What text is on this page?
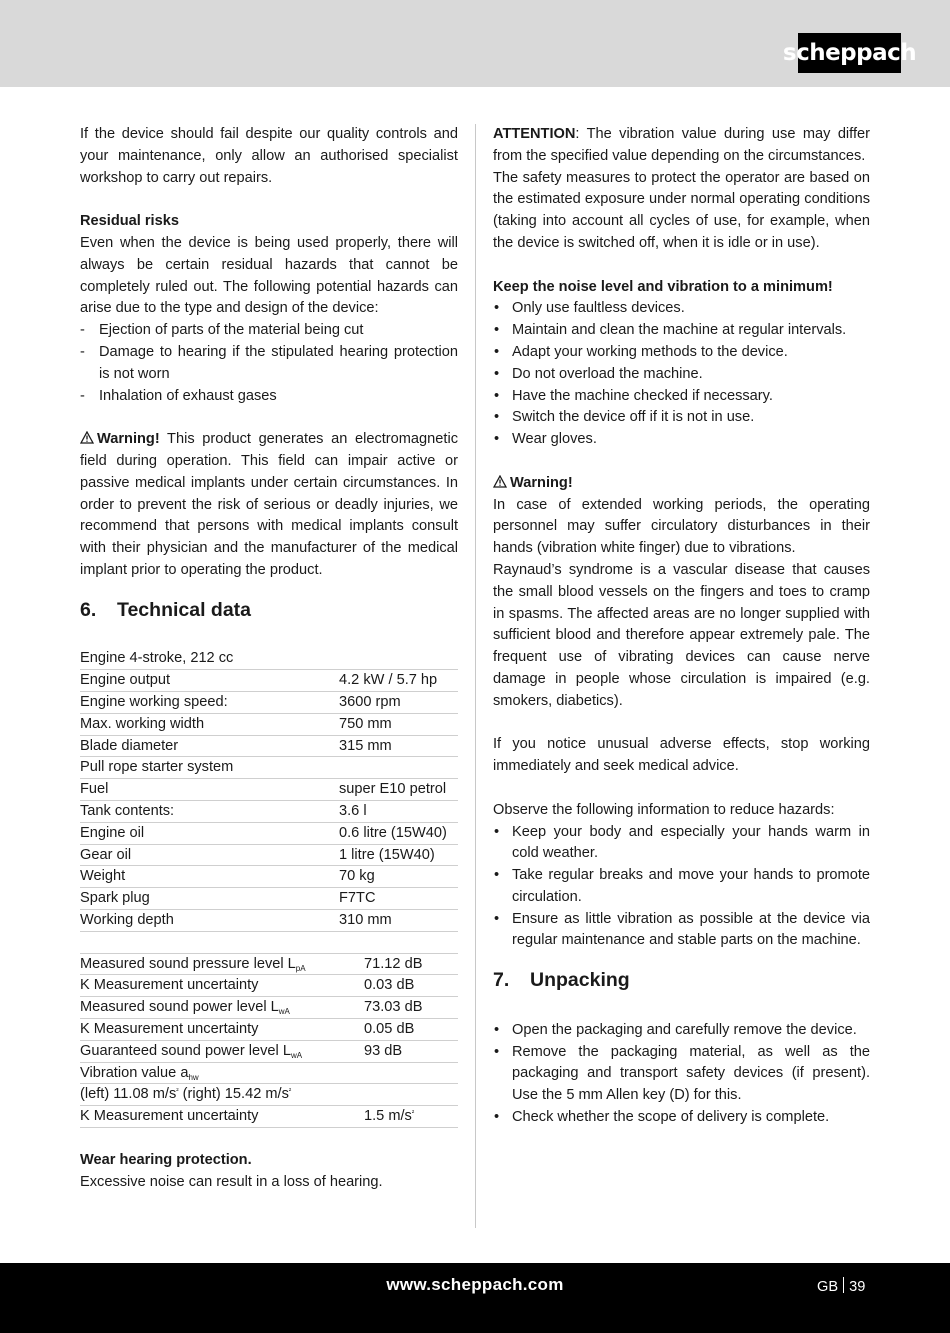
scheppach

If the device should fail despite our quality controls and your maintenance, only allow an authorised specialist workshop to carry out repairs.

Residual risks

Even when the device is being used properly, there will always be certain residual hazards that cannot be completely ruled out. The following potential hazards can arise due to the type and design of the device:

- Ejection of parts of the material being cut
- Damage to hearing if the stipulated hearing protection is not worn
- Inhalation of exhaust gases

Warning! This product generates an electromagnetic field during operation. This field can impair active or passive medical implants under certain circumstances. In order to prevent the risk of serious or deadly injuries, we recommend that persons with medical implants consult with their physician and the manufacturer of the medical implant prior to operating the product.

6. Technical data
Engine 4-stroke, 212 cc	
Engine output	4.2 kW / 5.7 hp
Engine working speed:	3600 rpm
Max. working width	750 mm
Blade diameter	315 mm
Pull rope starter system	
Fuel	super E10 petrol
Tank contents:	3.6 l
Engine oil	0.6 litre (15W40)
Gear oil	1 litre (15W40)
Weight	70 kg
Spark plug	F7TC
Working depth	310 mm
Measured sound pressure level $L_{pA}$	71.12 dB
K Measurement uncertainty	0.03 dB
Measured sound power level $L_{wA}$	73.03 dB
K Measurement uncertainty	0.05 dB
Guaranteed sound power level $L_{wA}$	93 dB
Vibration value $a_{hw}$	
(left) 11.08 $m/s^{^2}$ (right) 15.42 $m/s^{^2}$
K Measurement uncertainty	1.5 $m/s^{^2}$

Wear hearing protection.

Excessive noise can result in a loss of hearing.

ATTENTION: The vibration value during use may differ from the specified value depending on the circumstances.

The safety measures to protect the operator are based on the estimated exposure under normal operating conditions (taking into account all cycles of use, for example, when the device is switched off, when it is idle or in use).

Keep the noise level and vibration to a minimum!

• Only use faultless devices.
• Maintain and clean the machine at regular intervals.
• Adapt your working methods to the device.
• Do not overload the machine.
• Have the machine checked if necessary.
• Switch the device off if it is not in use.
• Wear gloves.

Warning!

In case of extended working periods, the operating personnel may suffer circulatory disturbances in their hands (vibration white finger) due to vibrations.

Raynaud’s syndrome is a vascular disease that causes the small blood vessels on the fingers and toes to cramp in spasms. The affected areas are no longer supplied with sufficient blood and therefore appear extremely pale. The frequent use of vibrating devices can cause nerve damage in people whose circulation is impaired (e.g. smokers, diabetics).

If you notice unusual adverse effects, stop working immediately and seek medical advice.

Observe the following information to reduce hazards:

• Keep your body and especially your hands warm in cold weather.
• Take regular breaks and move your hands to promote circulation.
• Ensure as little vibration as possible at the device via regular maintenance and stable parts on the machine.
7. Unpacking
• Open the packaging and carefully remove the device.
• Remove the packaging material, as well as the packaging and transport safety devices (if present). Use the 5 mm Allen key (D) for this.
• Check whether the scope of delivery is complete.
www.scheppach.com	GB 39
